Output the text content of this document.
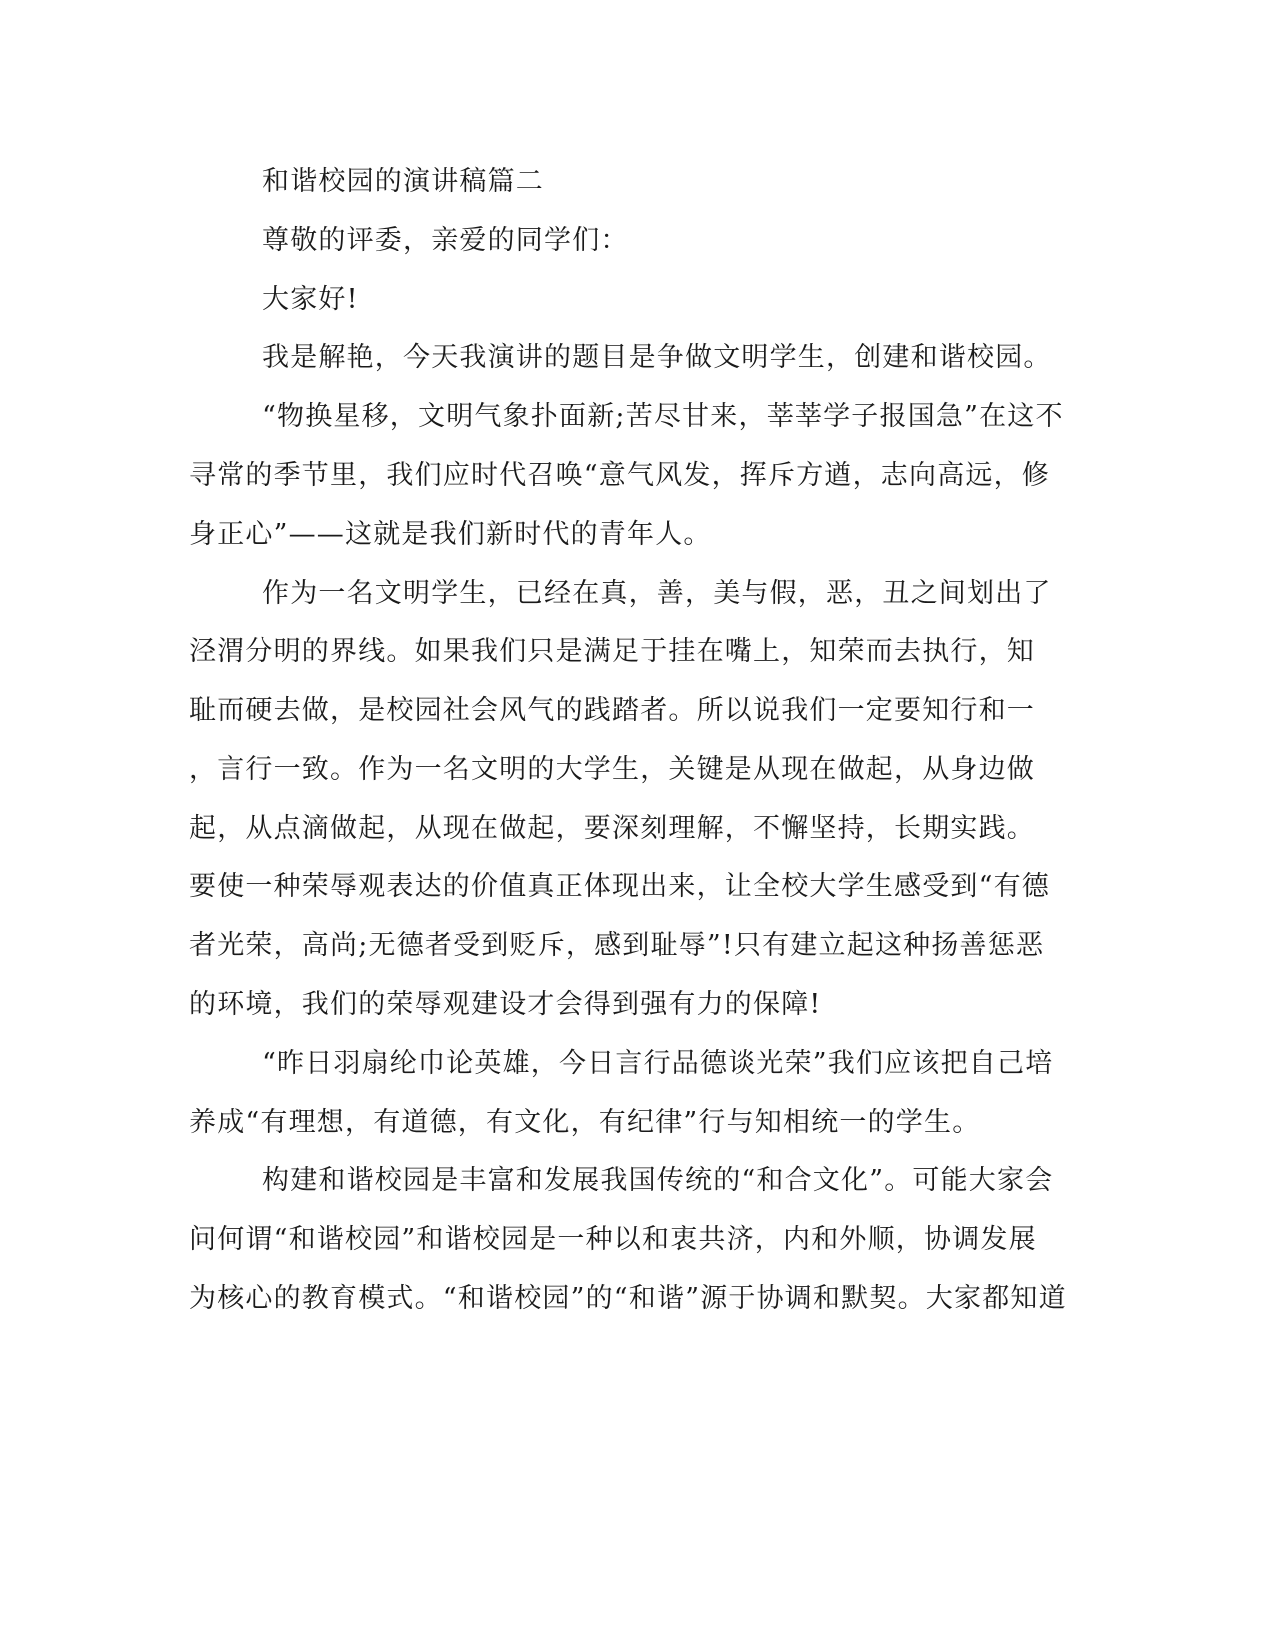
和谐校园的演讲稿篇二
尊敬的评委，亲爱的同学们：
大家好!
我是解艳，今天我演讲的题目是争做文明学生，创建和谐校园。
“物换星移，文明气象扑面新;苦尽甘来，莘莘学子报国急”在这不
寻常的季节里，我们应时代召唤“意气风发，挥斥方遒，志向高远，修
身正心”——这就是我们新时代的青年人。
作为一名文明学生，已经在真，善，美与假，恶，丑之间划出了
泾渭分明的界线。如果我们只是满足于挂在嘴上，知荣而去执行，知
耻而硬去做，是校园社会风气的践踏者。所以说我们一定要知行和一
，言行一致。作为一名文明的大学生，关键是从现在做起，从身边做
起，从点滴做起，从现在做起，要深刻理解，不懈坚持，长期实践。
要使一种荣辱观表达的价值真正体现出来，让全校大学生感受到“有德
者光荣，高尚;无德者受到贬斥，感到耻辱”!只有建立起这种扬善惩恶
的环境，我们的荣辱观建设才会得到强有力的保障!
“昨日羽扇纶巾论英雄，今日言行品德谈光荣”我们应该把自己培
养成“有理想，有道德，有文化，有纪律”行与知相统一的学生。
构建和谐校园是丰富和发展我国传统的“和合文化”。可能大家会
问何谓“和谐校园”和谐校园是一种以和衷共济，内和外顺，协调发展
为核心的教育模式。“和谐校园”的“和谐”源于协调和默契。大家都知道
